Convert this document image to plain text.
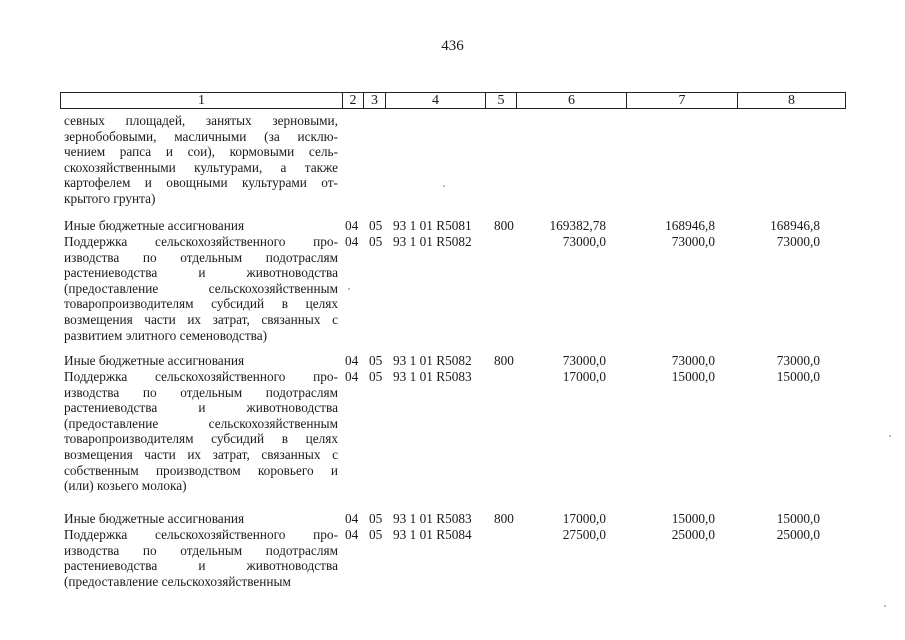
436
1	2	3	4	5	6	7	8
севных площадей, занятых зерновыми,
зернобобовыми, масличными (за исклю-
чением рапса и сои), кормовыми сель-
скохозяйственными культурами, а также
картофелем и овощными культурами от-
крытого грунта)
Иные бюджетные ассигнования	04 05 93 1 01 R5081 800	169382,78	168946,8	168946,8
Поддержка сельскохозяйственного про-
изводства по отдельным подотраслям
растениеводства и животноводства
(предоставление сельскохозяйственным
товаропроизводителям субсидий в целях
возмещения части их затрат, связанных с
развитием элитного семеноводства)
04 05 93 1 01 R5082	73000,0	73000,0	73000,0
Иные бюджетные ассигнования	04 05 93 1 01 R5082 800	73000,0	73000,0	73000,0
Поддержка сельскохозяйственного про-
изводства по отдельным подотраслям
растениеводства и животноводства
(предоставление сельскохозяйственным
товаропроизводителям субсидий в целях
возмещения части их затрат, связанных с
собственным производством коровьего и
(или) козьего молока)
04 05 93 1 01 R5083	17000,0	15000,0	15000,0
Иные бюджетные ассигнования	04 05 93 1 01 R5083 800	17000,0	15000,0	15000,0
Поддержка сельскохозяйственного про-
изводства по отдельным подотраслям
растениеводства и животноводства
(предоставление сельскохозяйственным
04 05 93 1 01 R5084	27500,0	25000,0	25000,0
